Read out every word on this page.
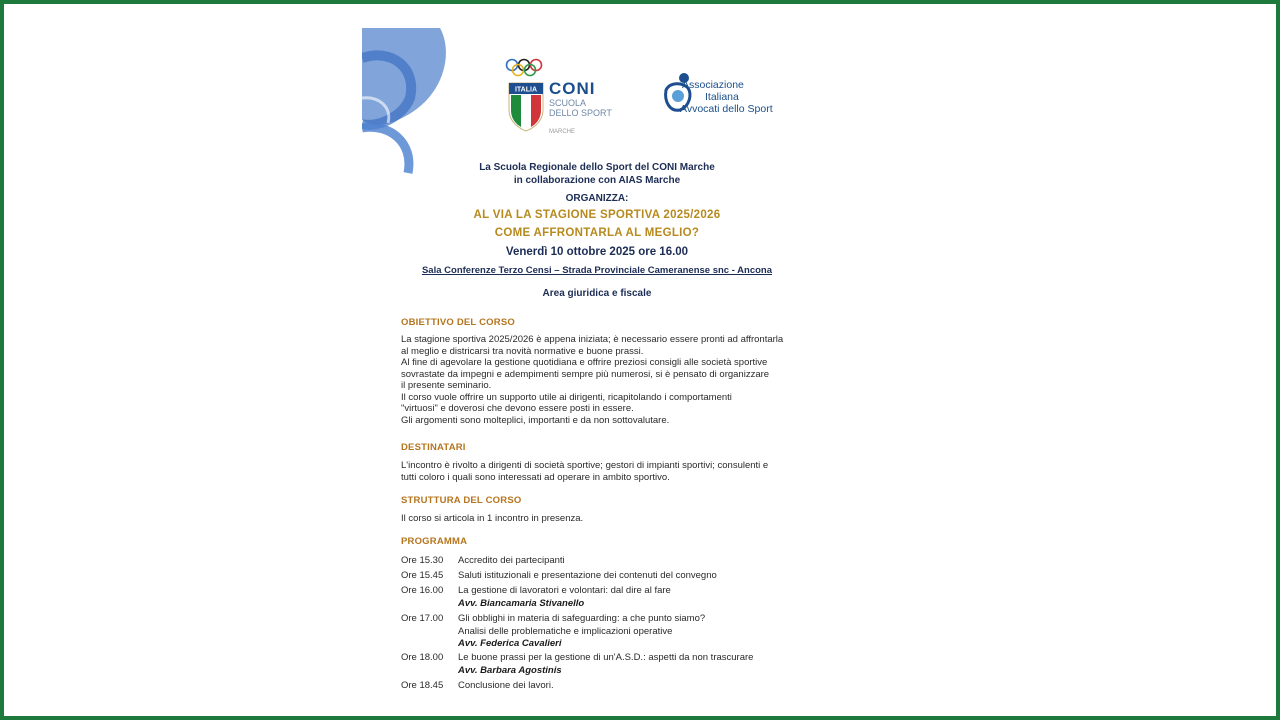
ITALIA CONI
SCUOLA
DELLO SPORT
MARCHE
Associazione
Italiana
Avvocati dello Sport
La Scuola Regionale dello Sport del CONI Marche
in collaborazione con AIAS Marche
ORGANIZZA:
AL VIA LA STAGIONE SPORTIVA 2025/2026
COME AFFRONTARLA AL MEGLIO?
Venerdì 10 ottobre 2025 ore 16.00
Sala Conferenze Terzo Censi – Strada Provinciale Cameranense snc - Ancona
Area giuridica e fiscale
OBIETTIVO DEL CORSO
La stagione sportiva 2025/2026 è appena iniziata; è necessario essere pronti ad affrontarla
al meglio e districarsi tra novità normative e buone prassi.
Al fine di agevolare la gestione quotidiana e offrire preziosi consigli alle società sportive
sovrastate da impegni e adempimenti sempre più numerosi, si è pensato di organizzare
il presente seminario.
Il corso vuole offrire un supporto utile ai dirigenti, ricapitolando i comportamenti
"virtuosi" e doverosi che devono essere posti in essere.
Gli argomenti sono molteplici, importanti e da non sottovalutare.
DESTINATARI
L'incontro è rivolto a dirigenti di società sportive; gestori di impianti sportivi; consulenti e
tutti coloro i quali sono interessati ad operare in ambito sportivo.
STRUTTURA DEL CORSO
Il corso si articola in 1 incontro in presenza.
PROGRAMMA
Ore 15.30 Accredito dei partecipanti
Ore 15.45 Saluti istituzionali e presentazione dei contenuti del convegno
Ore 16.00 La gestione di lavoratori e volontari: dal dire al fare
Avv. Biancamaria Stivanello
Ore 17.00 Gli obblighi in materia di safeguarding: a che punto siamo?
Analisi delle problematiche e implicazioni operative
Avv. Federica Cavalieri
Ore 18.00 Le buone prassi per la gestione di un'A.S.D.: aspetti da non trascurare
Avv. Barbara Agostinis
Ore 18.45 Conclusione dei lavori.
